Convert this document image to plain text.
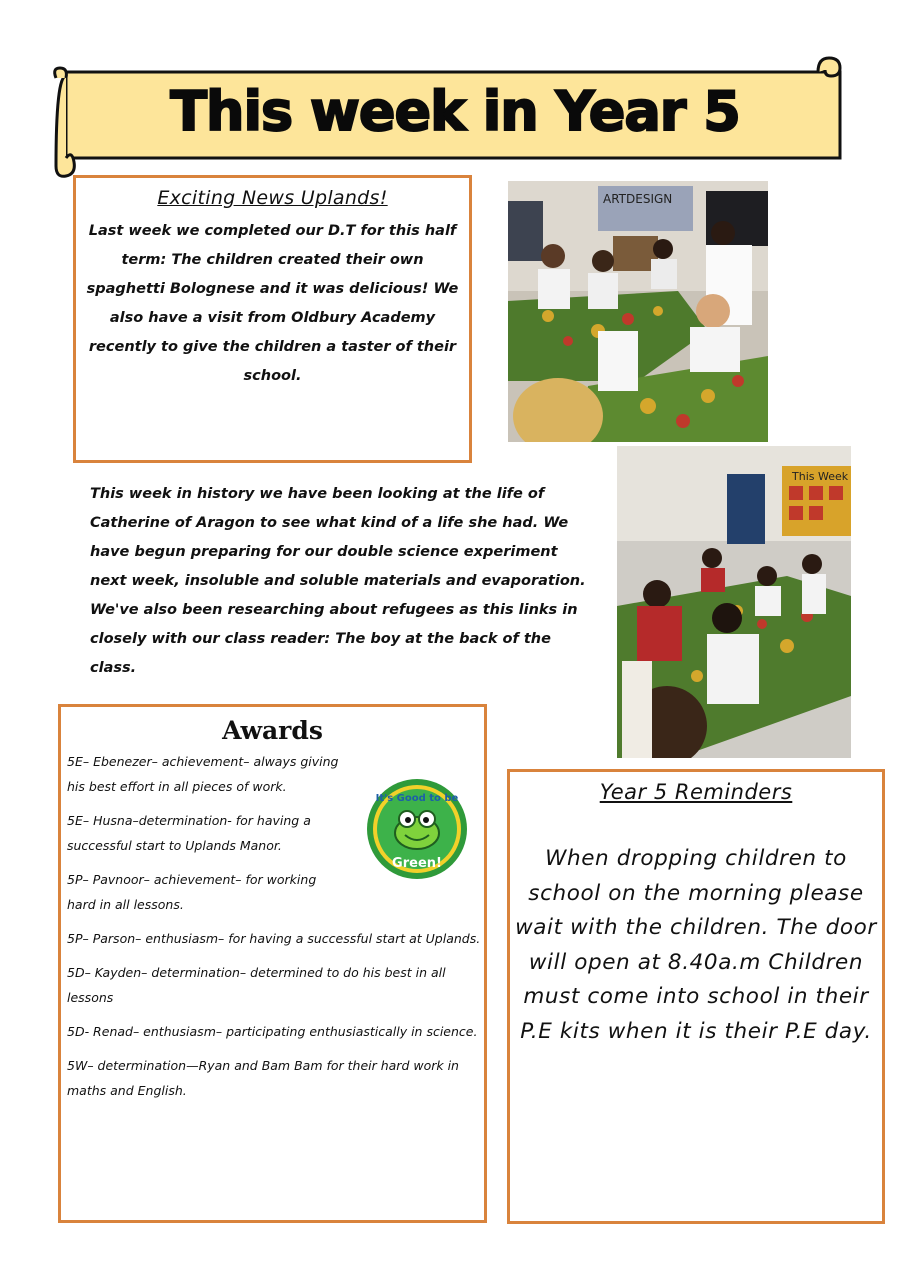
This week in Year 5
Exciting News Uplands!
Last week we completed our D.T for this half term: The children created their own spaghetti Bolognese and it was delicious! We also have a visit from Oldbury Academy recently to give the children a taster of their school.
ART DESIGN
This week in history we have been looking at the life of Catherine of Aragon to see what kind of a life she had. We have begun preparing for our double science experiment next week, insoluble and soluble materials and evaporation. We've also been researching about refugees as this links in closely with our class reader: The boy at the back of the class.
This Week
Awards
5E– Ebenezer– achievement– always giving his best effort in all pieces of work.
5E– Husna–determination- for having a successful start to Uplands Manor.
5P– Pavnoor– achievement– for working hard in all lessons.
5P– Parson– enthusiasm– for having a successful start at Uplands.
5D– Kayden– determination– determined to do his best in all lessons
5D- Renad– enthusiasm– participating enthusiastically in science.
5W– determination—Ryan and Bam Bam for their hard work in maths and English.
It's Good to be
Green!
Year 5 Reminders
When dropping children to school on the morning please wait with the children. The door will open at 8.40a.m Children must come into school in their P.E kits when it is their P.E day.
